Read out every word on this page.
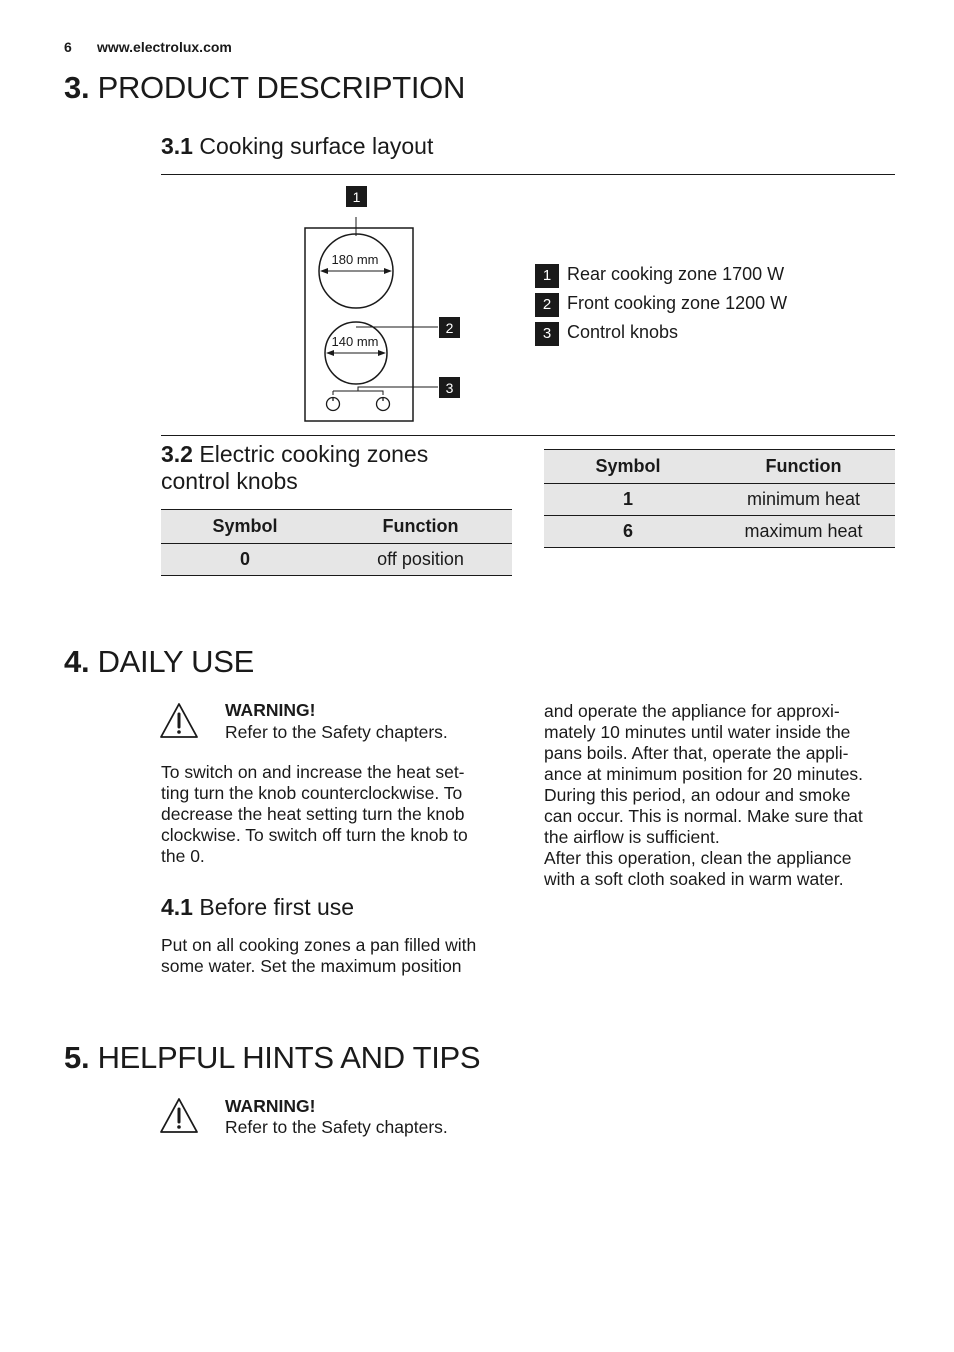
6 www.electrolux.com
3. PRODUCT DESCRIPTION
3.1 Cooking surface layout
1
180 mm
2
140 mm
3
1 Rear cooking zone 1700 W
2 Front cooking zone 1200 W
3 Control knobs
3.2 Electric cooking zones
control knobs
Symbol	Function
0	off position
Symbol	Function
1	minimum heat
6	maximum heat
4. DAILY USE
WARNING!
Refer to the Safety chapters.
To switch on and increase the heat set-
ting turn the knob counterclockwise. To
decrease the heat setting turn the knob
clockwise. To switch off turn the knob to
the 0.
4.1 Before first use
Put on all cooking zones a pan filled with
some water. Set the maximum position
and operate the appliance for approxi-
mately 10 minutes until water inside the
pans boils. After that, operate the appli-
ance at minimum position for 20 minutes.
During this period, an odour and smoke
can occur. This is normal. Make sure that
the airflow is sufficient.
After this operation, clean the appliance
with a soft cloth soaked in warm water.
5. HELPFUL HINTS AND TIPS
WARNING!
Refer to the Safety chapters.
